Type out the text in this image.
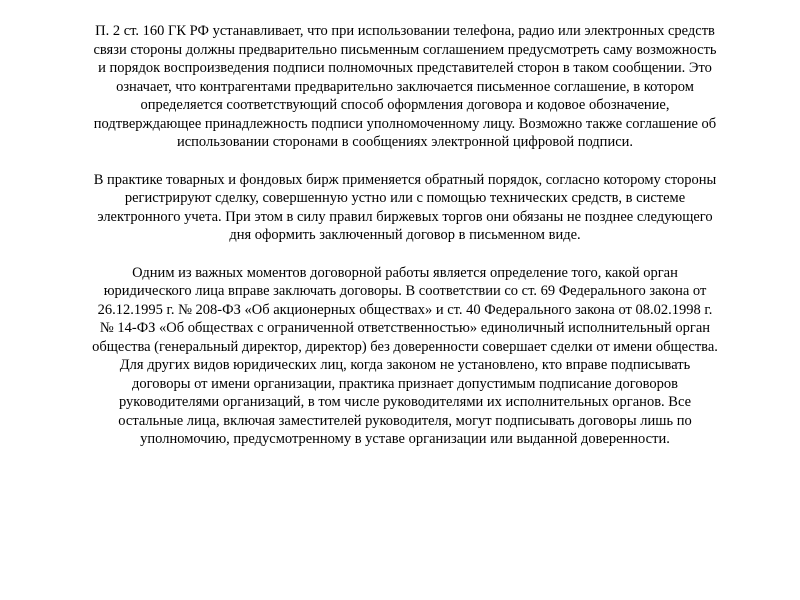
П. 2 ст. 160 ГК РФ устанавливает, что при использовании телефона, радио или электронных средств
связи стороны должны предварительно письменным соглашением предусмотреть саму возможность
и порядок воспроизведения подписи полномочных представителей сторон в таком сообщении. Это
означает, что контрагентами предварительно заключается письменное соглашение, в котором
определяется соответствующий способ оформления договора и кодовое обозначение,
подтверждающее принадлежность подписи уполномоченному лицу. Возможно также соглашение об
использовании сторонами в сообщениях электронной цифровой подписи.

В практике товарных и фондовых бирж применяется обратный порядок, согласно которому стороны
регистрируют сделку, совершенную устно или с помощью технических средств, в системе
электронного учета. При этом в силу правил биржевых торгов они обязаны не позднее следующего
дня оформить заключенный договор в письменном виде.

Одним из важных моментов договорной работы является определение того, какой орган
юридического лица вправе заключать договоры. В соответствии со ст. 69 Федерального закона от
26.12.1995 г. № 208-ФЗ «Об акционерных обществах» и ст. 40 Федерального закона от 08.02.1998 г.
№ 14-ФЗ «Об обществах с ограниченной ответственностью» единоличный исполнительный орган
общества (генеральный директор, директор) без доверенности совершает сделки от имени общества.
Для других видов юридических лиц, когда законом не установлено, кто вправе подписывать
договоры от имени организации, практика признает допустимым подписание договоров
руководителями организаций, в том числе руководителями их исполнительных органов. Все
остальные лица, включая заместителей руководителя, могут подписывать договоры лишь по
уполномочию, предусмотренному в уставе организации или выданной доверенности.
